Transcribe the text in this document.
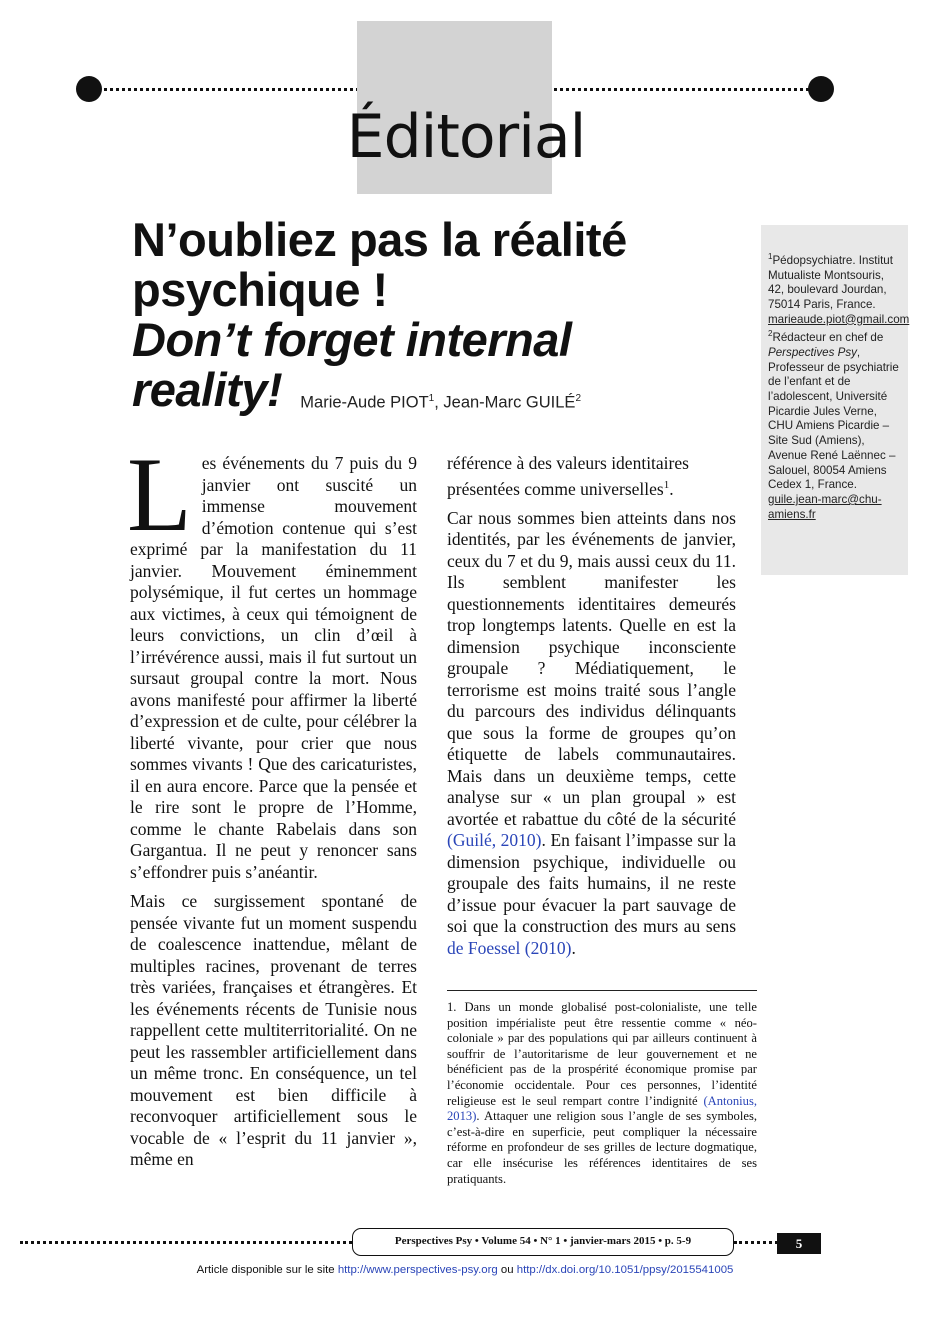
Éditorial
N’oubliez pas la réalité psychique !
Don’t forget internal reality!	Marie-Aude PIOT$^1$, Jean-Marc GUILÉ$^2$
$^1$Pédopsychiatre. Institut Mutualiste Montsouris, 42, boulevard Jourdan, 75014 Paris, France.
marieaude.piot@gmail.com
$^2$Rédacteur en chef de Perspectives Psy, Professeur de psychiatrie de l’enfant et de l’adolescent, Université Picardie Jules Verne, CHU Amiens Picardie – Site Sud (Amiens), Avenue René Laënnec – Salouel, 80054 Amiens Cedex 1, France.
guile.jean-marc@chu-amiens.fr

Les événements du 7 puis du 9 janvier ont suscité un immense mouvement d’émotion contenue qui s’est exprimé par la manifestation du 11 janvier. Mouvement éminemment polysémique, il fut certes un hommage aux victimes, à ceux qui témoignent de leurs convictions, un clin d’œil à l’irrévérence aussi, mais il fut surtout un sursaut groupal contre la mort. Nous avons manifesté pour affirmer la liberté d’expression et de culte, pour célébrer la liberté vivante, pour crier que nous sommes vivants ! Que des caricaturistes, il en aura encore. Parce que la pensée et le rire sont le propre de l’Homme, comme le chante Rabelais dans son Gargantua. Il ne peut y renoncer sans s’effondrer puis s’anéantir.

Mais ce surgissement spontané de pensée vivante fut un moment suspendu de coalescence inattendue, mêlant de multiples racines, provenant de terres très variées, françaises et étrangères. Et les événements récents de Tunisie nous rappellent cette multiterritorialité. On ne peut les rassembler artificiellement dans un même tronc. En conséquence, un tel mouvement est bien difficile à reconvoquer artificiellement sous le vocable de « l’esprit du 11 janvier », même en

référence à des valeurs identitaires présentées comme universelles$^1$.

Car nous sommes bien atteints dans nos identités, par les événements de janvier, ceux du 7 et du 9, mais aussi ceux du 11. Ils semblent manifester les questionnements identitaires demeurés trop longtemps latents. Quelle en est la dimension psychique inconsciente groupale ? Médiatiquement, le terrorisme est moins traité sous l’angle du parcours des individus délinquants que sous la forme de groupes qu’on étiquette de labels communautaires. Mais dans un deuxième temps, cette analyse sur « un plan groupal » est avortée et rabattue du côté de la sécurité (Guilé, 2010). En faisant l’impasse sur la dimension psychique, individuelle ou groupale des faits humains, il ne reste d’issue pour évacuer la part sauvage de soi que la construction des murs au sens de Foessel (2010).

1. Dans un monde globalisé post-colonialiste, une telle position impérialiste peut être ressentie comme « néo-coloniale » par des populations qui par ailleurs continuent à souffrir de l’autoritarisme de leur gouvernement et ne bénéficient pas de la prospérité économique promise par l’économie occidentale. Pour ces personnes, l’identité religieuse est le seul rempart contre l’indignité (Antonius, 2013). Attaquer une religion sous l’angle de ses symboles, c’est-à-dire en superficie, peut compliquer la nécessaire réforme en profondeur de ses grilles de lecture dogmatique, car elle insécurise les références identitaires de ses pratiquants.
Perspectives Psy • Volume 54 • N° 1 • janvier-mars 2015 • p. 5-9	5
Article disponible sur le site http://www.perspectives-psy.org ou http://dx.doi.org/10.1051/ppsy/2015541005
